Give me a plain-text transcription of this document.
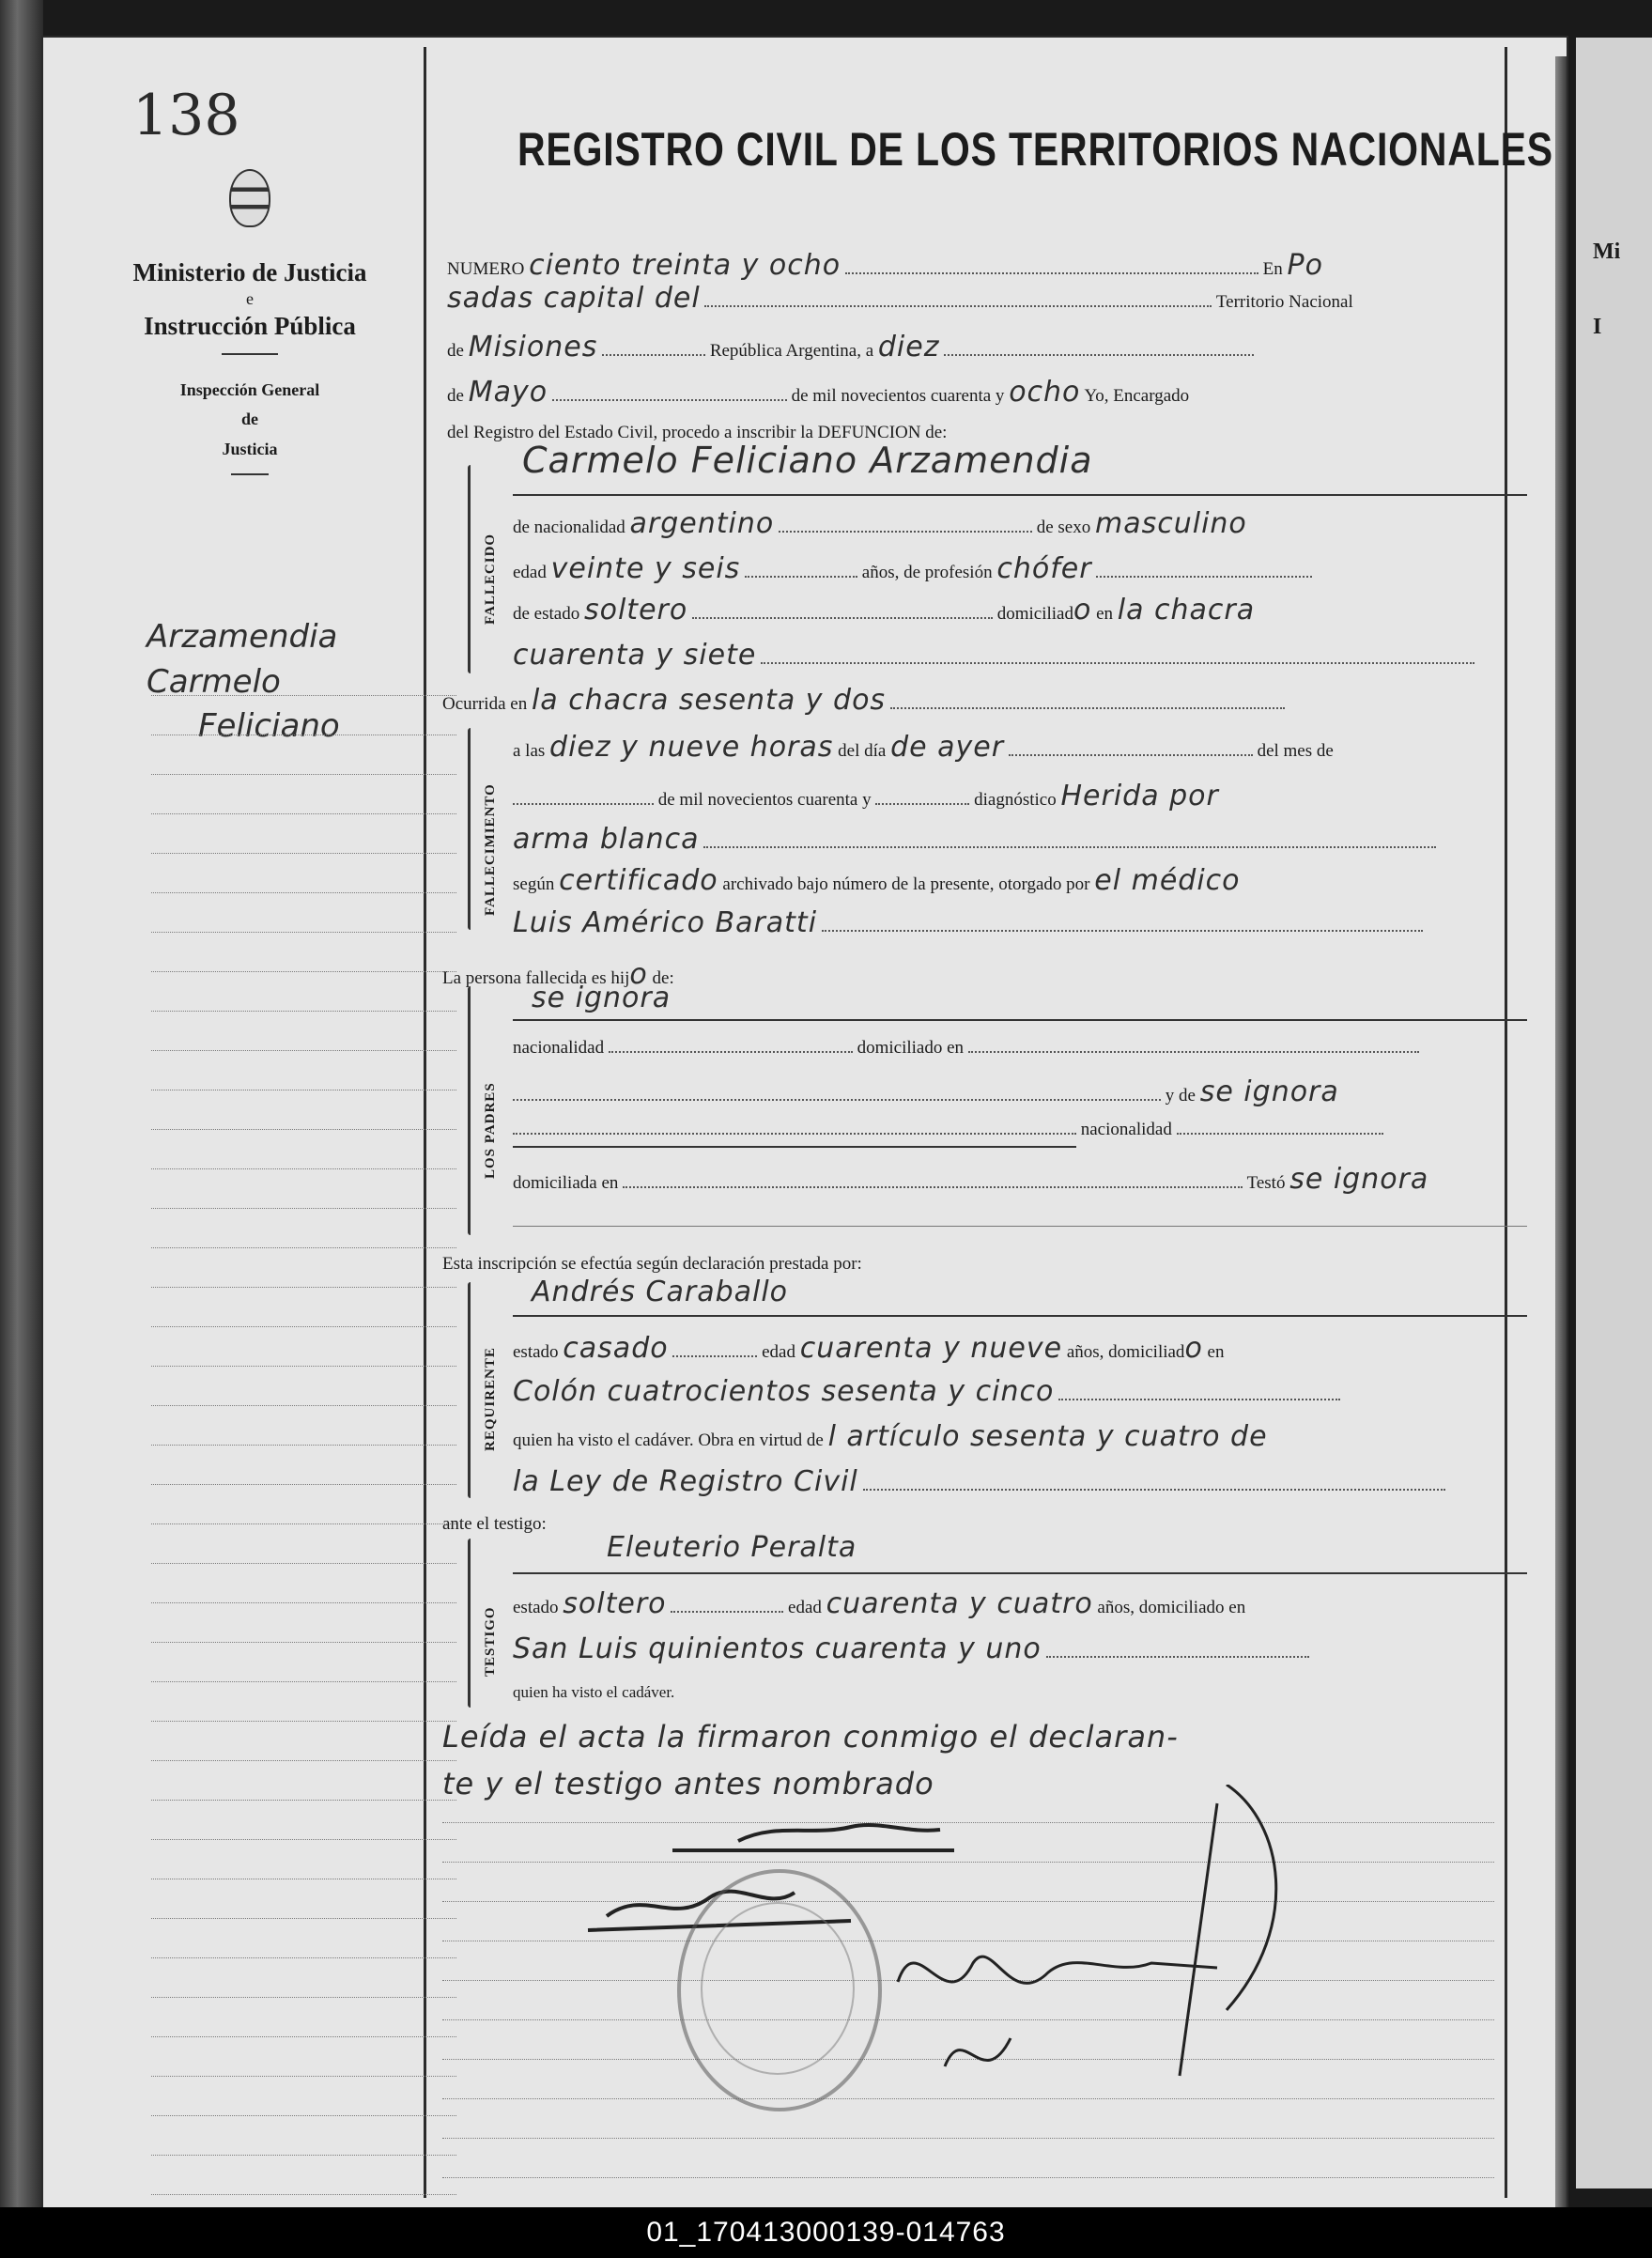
138
Ministerio de Justicia
e
Instrucción Pública
Inspección General
de
Justicia
Arzamendia
Carmelo
Feliciano
REGISTRO CIVIL DE LOS TERRITORIOS NACIONALES
NUMERO ciento treinta y ocho	En Po
sadas capital del	Territorio Nacional
de Misiones	República Argentina, a diez
de Mayo	de mil novecientos cuarenta y ocho Yo, Encargado
del Registro del Estado Civil, procedo a inscribir la DEFUNCION de:
FALLECIDO
Carmelo Feliciano Arzamendia
de nacionalidad argentino	de sexo masculino
edad veinte y seis	años, de profesión chófer
de estado soltero	domiciliado en la chacra
cuarenta y siete
Ocurrida en la chacra sesenta y dos
FALLECIMIENTO
a las diez y nueve horas del día de ayer	del mes de
de mil novecientos cuarenta y	diagnóstico Herida por
arma blanca
según certificado archivado bajo número de la presente, otorgado por el médico
Luis Américo Baratti
La persona fallecida es hijo de:
LOS PADRES
se ignora
nacionalidad	domiciliado en
y de se ignora
nacionalidad
domiciliada en	Testó se ignora
Esta inscripción se efectúa según declaración prestada por:
REQUIRENTE
Andrés Caraballo
estado casado	edad cuarenta y nueve años, domiciliado en
Colón cuatrocientos sesenta y cinco
quien ha visto el cadáver. Obra en virtud de l artículo sesenta y cuatro de
la Ley de Registro Civil
ante el testigo:
TESTIGO
Eleuterio Peralta
estado soltero	edad cuarenta y cuatro años, domiciliado en
San Luis quinientos cuarenta y uno
quien ha visto el cadáver.
Leída el acta la firmaron conmigo el declaran-
te y el testigo antes nombrado
Mi
I
01_170413000139-014763
